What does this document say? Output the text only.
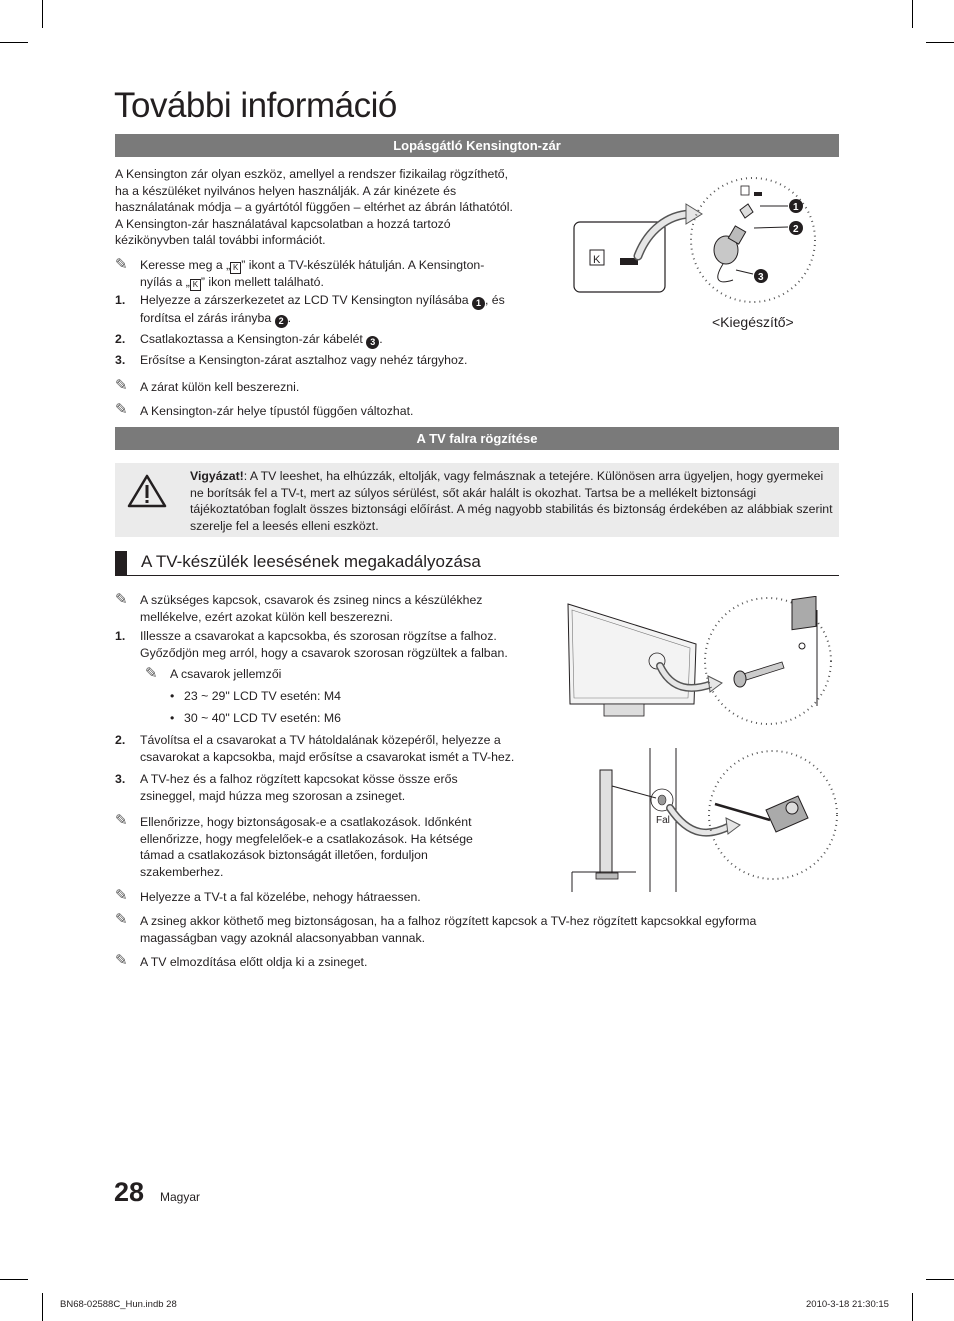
További információ
Lopásgátló Kensington-zár
A Kensington zár olyan eszköz, amellyel a rendszer fizikailag rögzíthető, ha a készüléket nyilvános helyen használják. A zár kinézete és használatának módja – a gyártótól függően – eltérhet az ábrán láthatótól. A Kensington-zár használatával kapcsolatban a hozzá tartozó kézikönyvben talál további információt.
✎ Keresse meg a „ K ” ikont a TV-készülék hátulján. A Kensington-
nyílás a „ K ” ikon mellett található.
1. Helyezze a zárszerkezetet az LCD TV Kensington nyílásába 1 , és
fordítsa el zárás irányba 2 .
2. Csatlakoztassa a Kensington-zár kábelét 3 .
3. Erősítse a Kensington-zárat asztalhoz vagy nehéz tárgyhoz.
✎ A zárat külön kell beszerezni.
✎ A Kensington-zár helye típustól függően változhat.
K
1
2
3
<Kiegészítő>
A TV falra rögzítése
Vigyázat!: A TV leeshet, ha elhúzzák, eltolják, vagy felmásznak a tetejére. Különösen arra ügyeljen, hogy gyermekei ne borítsák fel a TV-t, mert az súlyos sérülést, sőt akár halált is okozhat. Tartsa be a mellékelt biztonsági tájékoztatóban foglalt összes biztonsági előírást. A még nagyobb stabilitás és biztonság érdekében az alábbiak szerint szerelje fel a leesés elleni eszközt.
A TV-készülék leesésének megakadályozása
✎ A szükséges kapcsok, csavarok és zsineg nincs a készülékhez mellékelve, ezért azokat külön kell beszerezni.
1. Illessze a csavarokat a kapcsokba, és szorosan rögzítse a falhoz. Győződjön meg arról, hogy a csavarok szorosan rögzültek a falban.
✎ A csavarok jellemzői
• 23 ~ 29" LCD TV esetén: M4
• 30 ~ 40" LCD TV esetén: M6
2. Távolítsa el a csavarokat a TV hátoldalának közepéről, helyezze a csavarokat a kapcsokba, majd erősítse a csavarokat ismét a TV-hez.
3. A TV-hez és a falhoz rögzített kapcsokat kösse össze erős zsineggel, majd húzza meg szorosan a zsineget.
✎ Ellenőrizze, hogy biztonságosak-e a csatlakozások. Időnként ellenőrizze, hogy megfelelőek-e a csatlakozások. Ha kétsége támad a csatlakozások biztonságát illetően, forduljon szakemberhez.
✎ Helyezze a TV-t a fal közelébe, nehogy hátraessen.
✎ A zsineg akkor köthető meg biztonságosan, ha a falhoz rögzített kapcsok a TV-hez rögzített kapcsokkal egyforma magasságban vagy azoknál alacsonyabban vannak.
✎ A TV elmozdítása előtt oldja ki a zsineget.
Fal
28 Magyar
BN68-02588C_Hun.indb 28	2010-3-18 21:30:15
